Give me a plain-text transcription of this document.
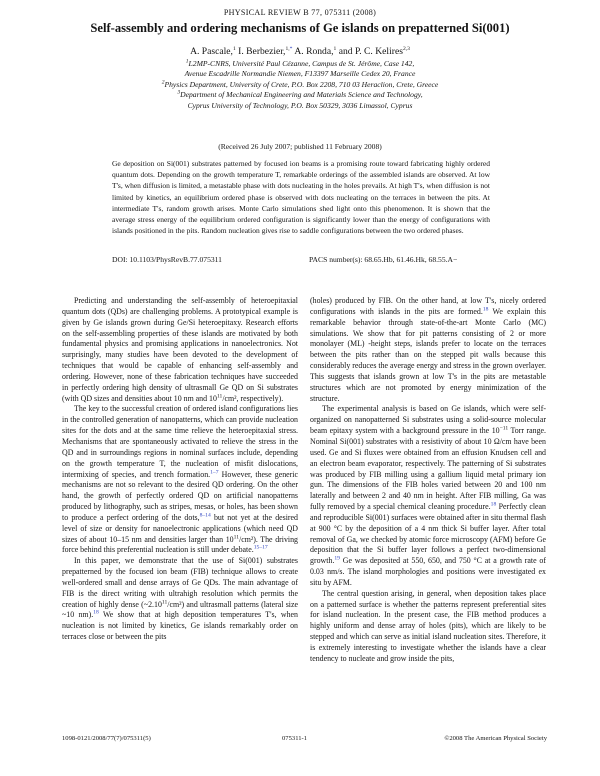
PHYSICAL REVIEW B 77, 075311 (2008)
Self-assembly and ordering mechanisms of Ge islands on prepatterned Si(001)
A. Pascale,$^1$ I. Berbezier,$^{1,*}$ A. Ronda,$^1$ and P. C. Kelires$^{2,3}$
$^1$L2MP-CNRS, Université Paul Cézanne, Campus de St. Jérôme, Case 142,
Avenue Escadrille Normandie Niemen, F13397 Marseille Cedex 20, France
$^2$Physics Department, University of Crete, P.O. Box 2208, 710 03 Heraclion, Crete, Greece
$^3$Department of Mechanical Engineering and Materials Science and Technology,
Cyprus University of Technology, P.O. Box 50329, 3036 Limassol, Cyprus
(Received 26 July 2007; published 11 February 2008)
Ge deposition on Si(001) substrates patterned by focused ion beams is a promising route toward fabricating highly ordered quantum dots. Depending on the growth temperature T, remarkable orderings of the assembled islands are observed. At low T's, when diffusion is limited, a metastable phase with dots nucleating in the holes prevails. At high T's, when diffusion is not limited by kinetics, an equilibrium ordered phase is observed with dots nucleating on the terraces in between the pits. At intermediate T's, random growth arises. Monte Carlo simulations shed light onto this phenomenon. It is shown that the average stress energy of the equilibrium ordered configuration is significantly lower than the energy of configurations with islands positioned in the pits. Random nucleation gives rise to saddle configurations between the two ordered phases.
DOI: 10.1103/PhysRevB.77.075311	PACS number(s): 68.65.Hb, 61.46.Hk, 68.55.A−

Predicting and understanding the self-assembly of heteroepitaxial quantum dots (QDs) are challenging problems. A prototypical example is given by Ge islands grown during Ge/Si heteroepitaxy. Research efforts on the self-assembling properties of these islands are motivated by both fundamental physics and promising applications in nanoelectronics. Not surprisingly, many studies have been devoted to the development of techniques that would be capable of enhancing self-assembly and ordering. However, none of these fabrication techniques have succeeded in perfectly ordering high density of ultrasmall Ge QD on Si substrates (with QD sizes and densities about 10 nm and $10^{11}$/cm², respectively).

The key to the successful creation of ordered island configurations lies in the controlled generation of nanopatterns, which can provide nucleation sites for the dots and at the same time relieve the heteroepitaxial stress. Mechanisms that are spontaneously activated to relieve the stress in the QD and in surroundings regions in nominal surfaces include, depending on the growth temperature T, the nucleation of misfit dislocations, intermixing of species, and trench formation.$^{1-7}$ However, these generic mechanisms are not so relevant to the desired QD ordering. On the other hand, the growth of perfectly ordered QD on artificial nanopatterns produced by lithography, such as stripes, mesas, or holes, has been shown to produce a perfect ordering of the dots,$^{8-14}$ but not yet at the desired level of size or density for nanoelectronic applications (which need QD sizes of about 10–15 nm and densities larger than $10^{11}/cm^2$). The driving force behind this preferential nucleation is still under debate.$^{15-17}$

In this paper, we demonstrate that the use of Si(001) substrates prepatterned by the focused ion beam (FIB) technique allows to create well-ordered small and dense arrays of Ge QDs. The main advantage of FIB is the direct writing with ultrahigh resolution which permits the creation of highly dense (~2.10$^{11}$/cm²) and ultrasmall patterns (lateral size ~10 nm).$^{18}$ We show that at high deposition temperatures T's, when nucleation is not limited by kinetics, Ge islands remarkably order on terraces close or between the pits

(holes) produced by FIB. On the other hand, at low T's, nicely ordered configurations with islands in the pits are formed.$^{18}$ We explain this remarkable behavior through state-of-the-art Monte Carlo (MC) simulations. We show that for pit patterns consisting of 2 or more monolayer (ML) -height steps, islands prefer to locate on the terraces between the pits rather than on the stepped pit walls because this considerably reduces the average energy and stress in the grown overlayer. This suggests that islands grown at low T's in the pits are metastable structures which are not promoted by energy minimization of the structure.

The experimental analysis is based on Ge islands, which were self-organized on nanopatterned Si substrates using a solid-source molecular beam epitaxy system with a background pressure in the $10^{-11}$ Torr range. Nominal Si(001) substrates with a resistivity of about 10 Ω/cm have been used. Ge and Si fluxes were obtained from an effusion Knudsen cell and an electron beam evaporator, respectively. The patterning of Si substrates was produced by FIB milling using a gallium liquid metal primary ion gun. The dimensions of the FIB holes varied between 20 and 100 nm laterally and between 2 and 40 nm in height. After FIB milling, Ga was fully removed by a special chemical cleaning procedure.$^{18}$ Perfectly clean and reproducible Si(001) surfaces were obtained after in situ thermal flash at 900 °C by the deposition of a 4 nm thick Si buffer layer. After total removal of Ga, we checked by atomic force microscopy (AFM) before Ge deposition that the Si buffer layer follows a perfect two-dimensional growth.$^{19}$ Ge was deposited at 550, 650, and 750 °C at a growth rate of 0.03 nm/s. The island morphologies and positions were investigated ex situ by AFM.

The central question arising, in general, when deposition takes place on a patterned surface is whether the patterns represent preferential sites for island nucleation. In the present case, the FIB method produces a highly uniform and dense array of holes (pits), which are likely to be stepped and which can serve as initial island nucleation sites. Therefore, it is extremely interesting to investigate whether the islands have a clear tendency to nucleate and grow inside the pits,

1098-0121/2008/77(7)/075311(5)	075311-1	©2008 The American Physical Society
